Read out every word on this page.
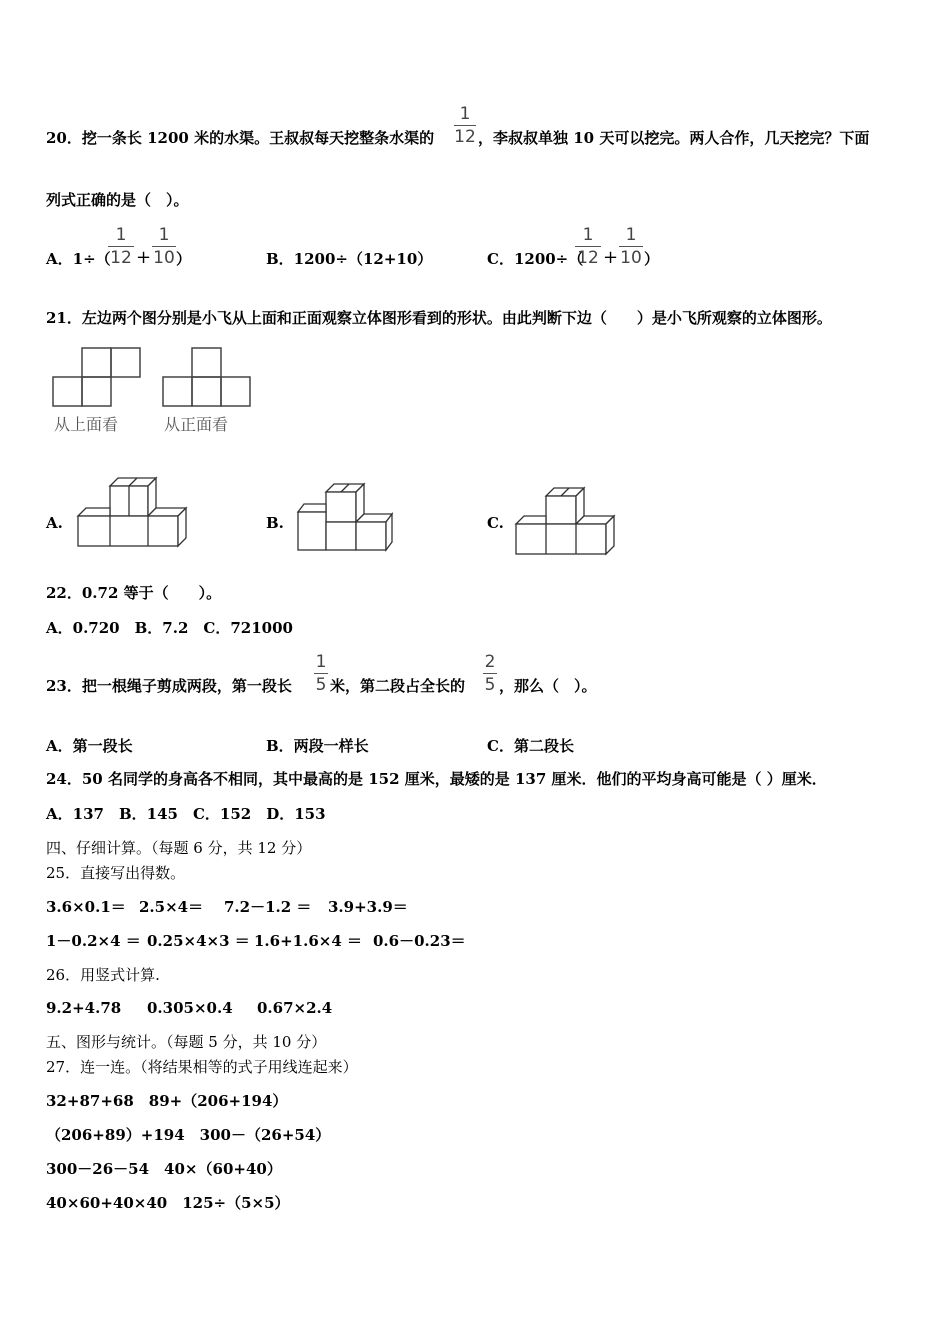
20．挖一条长 1200 米的水渠。王叔叔每天挖整条水渠的
1
12 ，李叔叔单独 10 天可以挖完。两人合作，几天挖完？下面
列式正确的是（　）。
A．1÷（
1
12 +
1
10 ）	B．1200÷（12+10）	C．1200÷（
1
12 +
1
10 ）
21．左边两个图分别是小飞从上面和正面观察立体图形看到的形状。由此判断下边（　　）是小飞所观察的立体图形。
从上面看	从正面看
A.	B.	C.
22．0.72 等于（　　）。
A．0.720　B．7.2　C．721000
23．把一根绳子剪成两段，第一段长
1
5 米，第二段占全长的
2
5 ，那么（　）。
A．第一段长	B．两段一样长	C．第二段长
24．50 名同学的身高各不相同，其中最高的是 152 厘米，最矮的是 137 厘米．他们的平均身高可能是（ ）厘米．
A．137　B．145　C．152　D．153
四、仔细计算。（每题 6 分，共 12 分）
25．直接写出得数。
3.6×0.1＝ 2.5×4＝ 7.2－1.2 ＝ 3.9+3.9＝
1－0.2×4 ＝ 0.25×4×3 ＝ 1.6+1.6×4 ＝ 0.6－0.23＝
26．用竖式计算.
9.2+4.78 0.305×0.4 0.67×2.4
五、图形与统计。（每题 5 分，共 10 分）
27．连一连。（将结果相等的式子用线连起来）
32+87+68　89+（206+194）
（206+89）+194　300－（26+54）
300－26－54　40×（60+40）
40×60+40×40　125÷（5×5）
